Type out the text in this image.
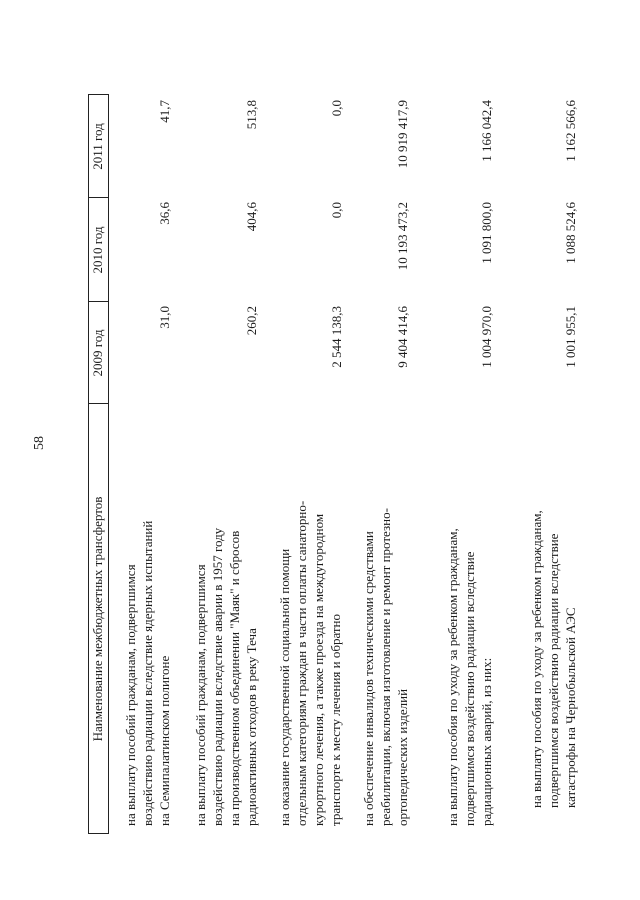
58
Наименование межбюджетных трансфертов
2009 год
2010 год
2011 год
на выплату пособий гражданам, подвергшимся воздействию радиации вследствие ядерных испытаний на Семипалатинском полигоне
31,0
36,6
41,7
на выплату пособий гражданам, подвергшимся воздействию радиации вследствие аварии в 1957 году на производственном объединении "Маяк" и сбросов радиоактивных отходов в реку Теча
260,2
404,6
513,8
на оказание государственной социальной помощи отдельным категориям граждан в части оплаты санаторно- курортного лечения, а также проезда на междугородном транспорте к месту лечения и обратно
2 544 138,3
0,0
0,0
на обеспечение инвалидов техническими средствами реабилитации, включая изготовление и ремонт протезно- ортопедических изделий
9 404 414,6
10 193 473,2
10 919 417,9
на выплату пособия по уходу за ребенком гражданам, подвергшимся воздействию радиации вследствие радиационных аварий, из них:
1 004 970,0
1 091 800,0
1 166 042,4
на выплату пособия по уходу за ребенком гражданам, подвергшимся воздействию радиации вследствие катастрофы на Чернобыльской АЭС
1 001 955,1
1 088 524,6
1 162 566,6
